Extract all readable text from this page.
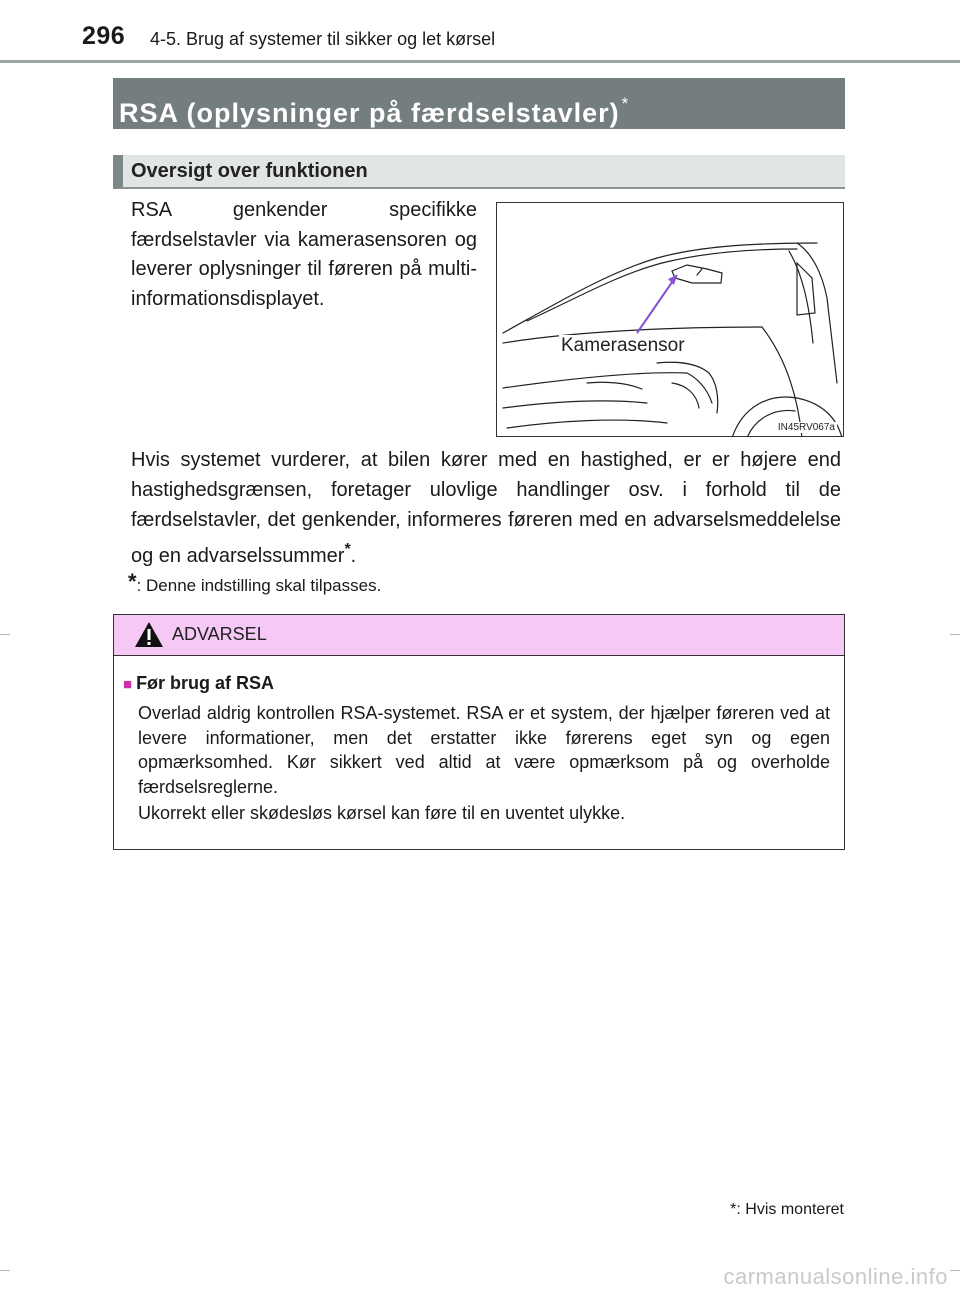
296 4-5. Brug af systemer til sikker og let kørsel
RSA (oplysninger på færdselstavler) *
Oversigt over funktionen
RSA genkender specifikke færdselstavler via kamerasensoren og leverer oplysninger til føreren på multi-informationsdisplayet.
Kamerasensor
IN45RV067a
Hvis systemet vurderer, at bilen kører med en hastighed, er er højere end hastighedsgrænsen, foretager ulovlige handlinger osv. i forhold til de færdselstavler, det genkender, informeres føreren med en advarselsmeddelelse og en advarselssummer*.
*: Denne indstilling skal tilpasses.
ADVARSEL
■ Før brug af RSA
Overlad aldrig kontrollen RSA-systemet. RSA er et system, der hjælper føreren ved at levere informationer, men det erstatter ikke førerens eget syn og egen opmærksomhed. Kør sikkert ved altid at være opmærksom på og overholde færdselsreglerne.
Ukorrekt eller skødesløs kørsel kan føre til en uventet ulykke.
*: Hvis monteret
carmanualsonline.info
